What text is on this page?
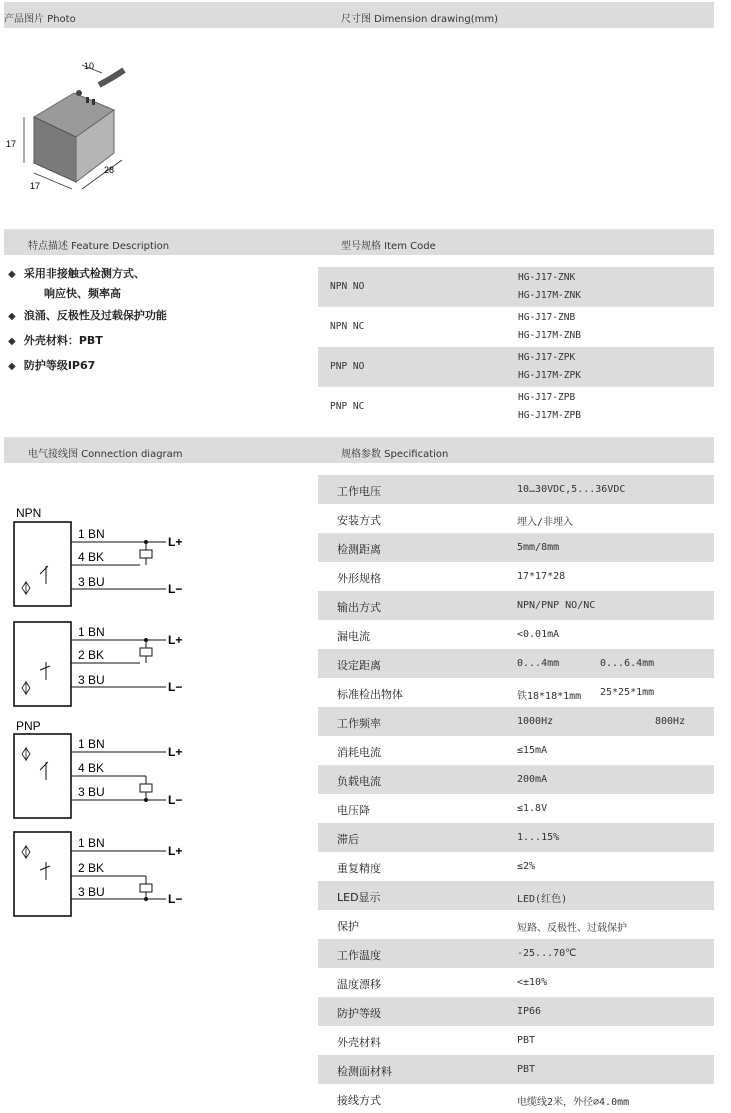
产品图片 Photo	尺寸图 Dimension drawing(mm)
17
17
28
10
特点描述 Feature Description	型号规格 Item Code
◆ 采用非接触式检测方式、
响应快、频率高
◆ 浪涌、反极性及过载保护功能
◆ 外壳材料：PBT
◆ 防护等级IP67
NPN NO
HG-J17-ZNK
HG-J17M-ZNK
NPN NC
HG-J17-ZNB
HG-J17M-ZNB
PNP NO
HG-J17-ZPK
HG-J17M-ZPK
PNP NC
HG-J17-ZPB
HG-J17M-ZPB
电气接线图 Connection diagram	规格参数 Specification
NPN
1 BN
4 BK
3 BU
L+
L−
1 BN
2 BK
3 BU
L+
L−
PNP
1 BN
4 BK
3 BU
L+
L−
1 BN
2 BK
3 BU
L+
L−
工作电压	10…30VDC,5...36VDC
安装方式	埋入/非埋入
检测距离	5mm/8mm
外形规格	17*17*28
输出方式	NPN/PNP NO/NC
漏电流	<0.01mA
设定距离	0...4mm	0...6.4mm
标准检出物体	铁18*18*1mm 25*25*1mm
工作频率	1000Hz	800Hz
消耗电流	≤15mA
负载电流	200mA
电压降	≤1.8V
滞后	1...15%
重复精度	≤2%
LED显示	LED(红色)
保护	短路、反极性、过载保护
工作温度	-25...70℃
温度漂移	<±10%
防护等级	IP66
外壳材料	PBT
检测面材料	PBT
接线方式	电缆线2米，外径∅4.0mm
